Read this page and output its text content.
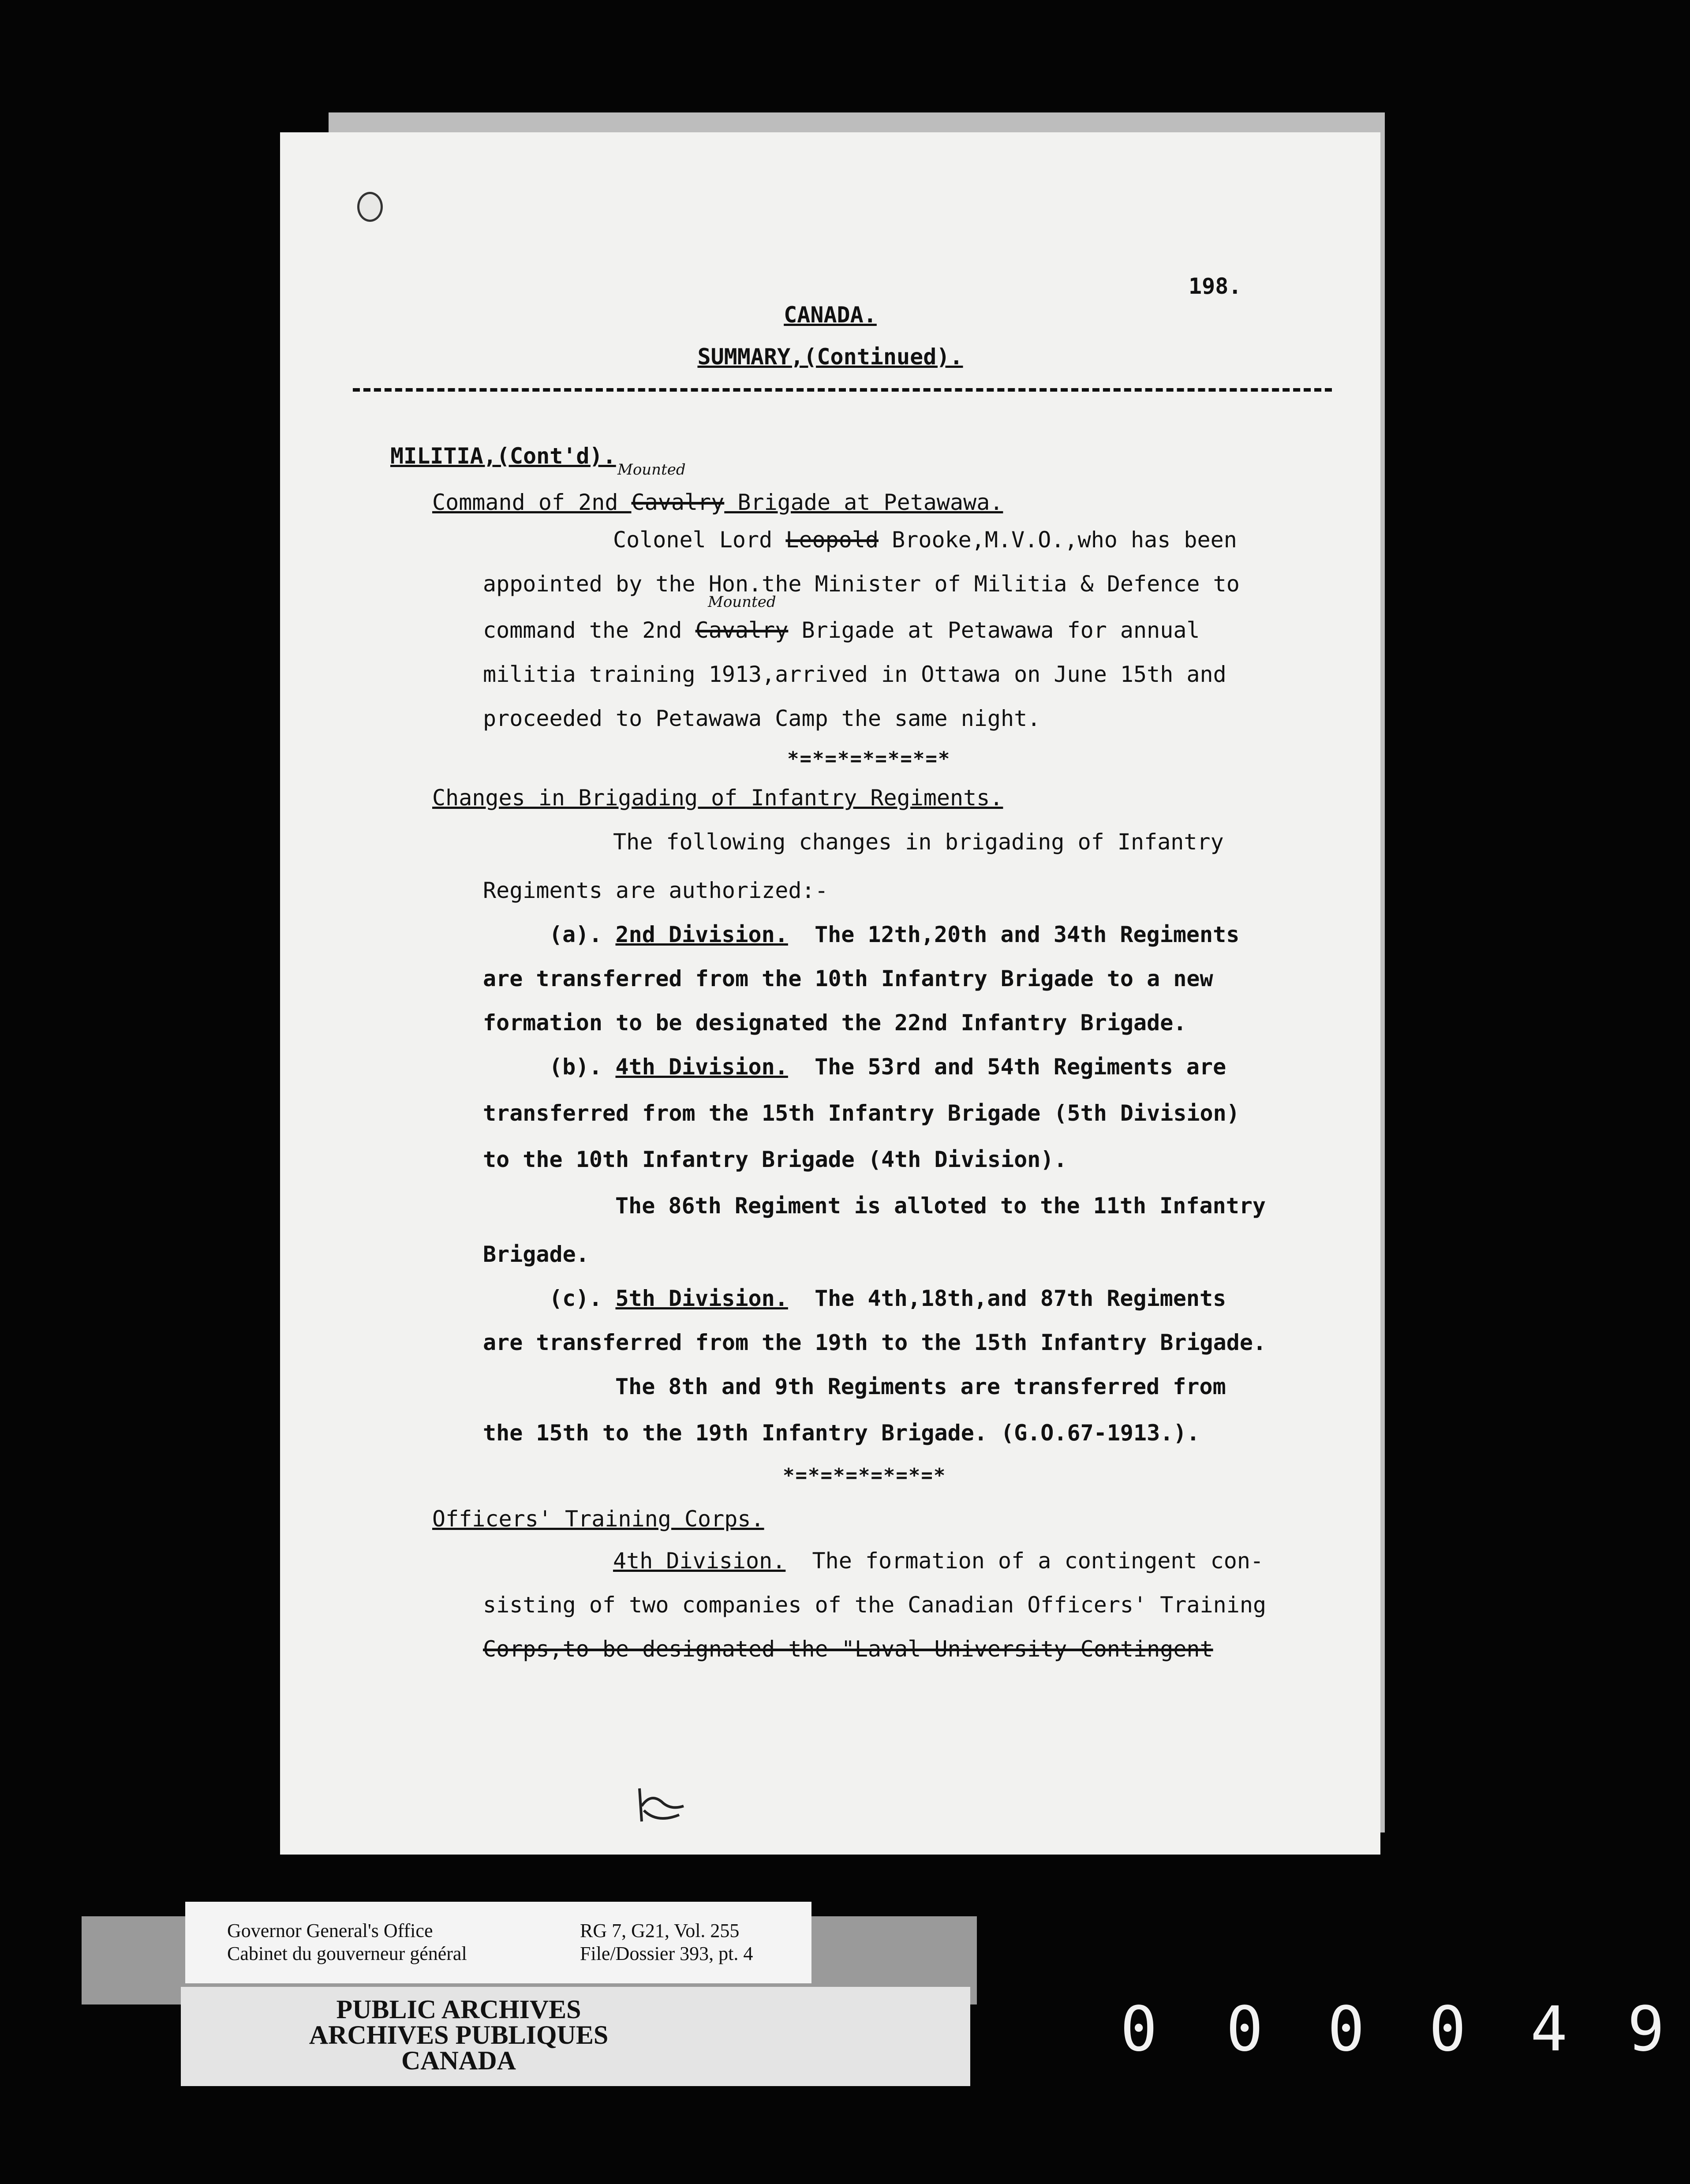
198.
CANADA.
SUMMARY,(Continued).
MILITIA,(Cont'd).
Mounted
Command of 2nd Cavalry Brigade at Petawawa.
Colonel Lord Leopold Brooke,M.V.O.,who has been
appointed by the Hon.the Minister of Militia & Defence to
Mounted
command the 2nd Cavalry Brigade at Petawawa for annual
militia training 1913,arrived in Ottawa on June 15th and
proceeded to Petawawa Camp the same night.
*=*=*=*=*=*=*
Changes in Brigading of Infantry Regiments.
The following changes in brigading of Infantry
Regiments are authorized:-
(a). 2nd Division.  The 12th,20th and 34th Regiments
are transferred from the 10th Infantry Brigade to a new
formation to be designated the 22nd Infantry Brigade.
(b). 4th Division.  The 53rd and 54th Regiments are
transferred from the 15th Infantry Brigade (5th Division)
to the 10th Infantry Brigade (4th Division).
The 86th Regiment is alloted to the 11th Infantry
Brigade.
(c). 5th Division.  The 4th,18th,and 87th Regiments
are transferred from the 19th to the 15th Infantry Brigade.
The 8th and 9th Regiments are transferred from
the 15th to the 19th Infantry Brigade. (G.O.67-1913.).
*=*=*=*=*=*=*
Officers' Training Corps.
4th Division.  The formation of a contingent con-
sisting of two companies of the Canadian Officers' Training
Corps,to be designated the "Laval University Contingent
Governor General's Office
Cabinet du gouverneur général
RG 7, G21, Vol. 255
File/Dossier 393, pt. 4
PUBLIC ARCHIVES
ARCHIVES PUBLIQUES
CANADA	0 0 0 0 4 9
